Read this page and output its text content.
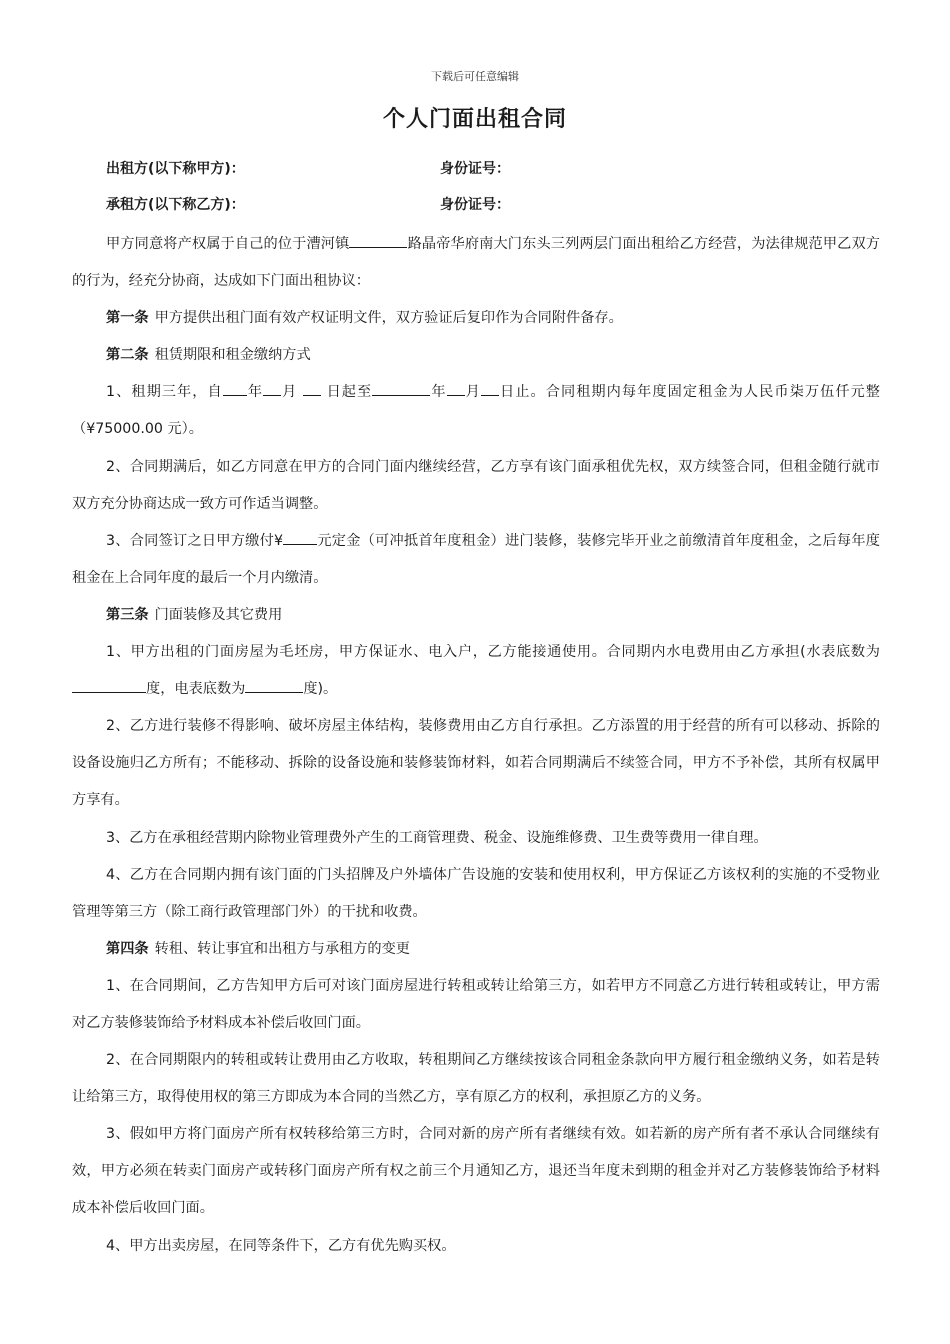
下载后可任意编辑
个人门面出租合同
出租方(以下称甲方)：	身份证号：
承租方(以下称乙方)：	身份证号：

甲方同意将产权属于自己的位于漕河镇	路晶帝华府南大门东头三列两层门面出租给乙方经营，为法律规范甲乙双方的行为，经充分协商，达成如下门面出租协议：

第一条 甲方提供出租门面有效产权证明文件，双方验证后复印作为合同附件备存。

第二条 租赁期限和租金缴纳方式

1、租期三年，自 年 月 日起至	年 月 日止。合同租期内每年度固定租金为人民币柒万伍仟元整（¥75000.00 元）。

2、合同期满后，如乙方同意在甲方的合同门面内继续经营，乙方享有该门面承租优先权，双方续签合同，但租金随行就市双方充分协商达成一致方可作适当调整。

3、合同签订之日甲方缴付¥ 元定金（可冲抵首年度租金）进门装修，装修完毕开业之前缴清首年度租金，之后每年度租金在上合同年度的最后一个月内缴清。

第三条 门面装修及其它费用

1、甲方出租的门面房屋为毛坯房，甲方保证水、电入户，乙方能接通使用。合同期内水电费用由乙方承担(水表底数为度，电表底数为	度)。

2、乙方进行装修不得影响、破坏房屋主体结构，装修费用由乙方自行承担。乙方添置的用于经营的所有可以移动、拆除的设备设施归乙方所有；不能移动、拆除的设备设施和装修装饰材料，如若合同期满后不续签合同，甲方不予补偿，其所有权属甲方享有。

3、乙方在承租经营期内除物业管理费外产生的工商管理费、税金、设施维修费、卫生费等费用一律自理。

4、乙方在合同期内拥有该门面的门头招牌及户外墙体广告设施的安装和使用权利，甲方保证乙方该权利的实施的不受物业管理等第三方（除工商行政管理部门外）的干扰和收费。

第四条 转租、转让事宜和出租方与承租方的变更

1、在合同期间，乙方告知甲方后可对该门面房屋进行转租或转让给第三方，如若甲方不同意乙方进行转租或转让，甲方需对乙方装修装饰给予材料成本补偿后收回门面。

2、在合同期限内的转租或转让费用由乙方收取，转租期间乙方继续按该合同租金条款向甲方履行租金缴纳义务，如若是转让给第三方，取得使用权的第三方即成为本合同的当然乙方，享有原乙方的权利，承担原乙方的义务。

3、假如甲方将门面房产所有权转移给第三方时，合同对新的房产所有者继续有效。如若新的房产所有者不承认合同继续有效，甲方必须在转卖门面房产或转移门面房产所有权之前三个月通知乙方，退还当年度未到期的租金并对乙方装修装饰给予材料成本补偿后收回门面。

4、甲方出卖房屋，在同等条件下，乙方有优先购买权。
